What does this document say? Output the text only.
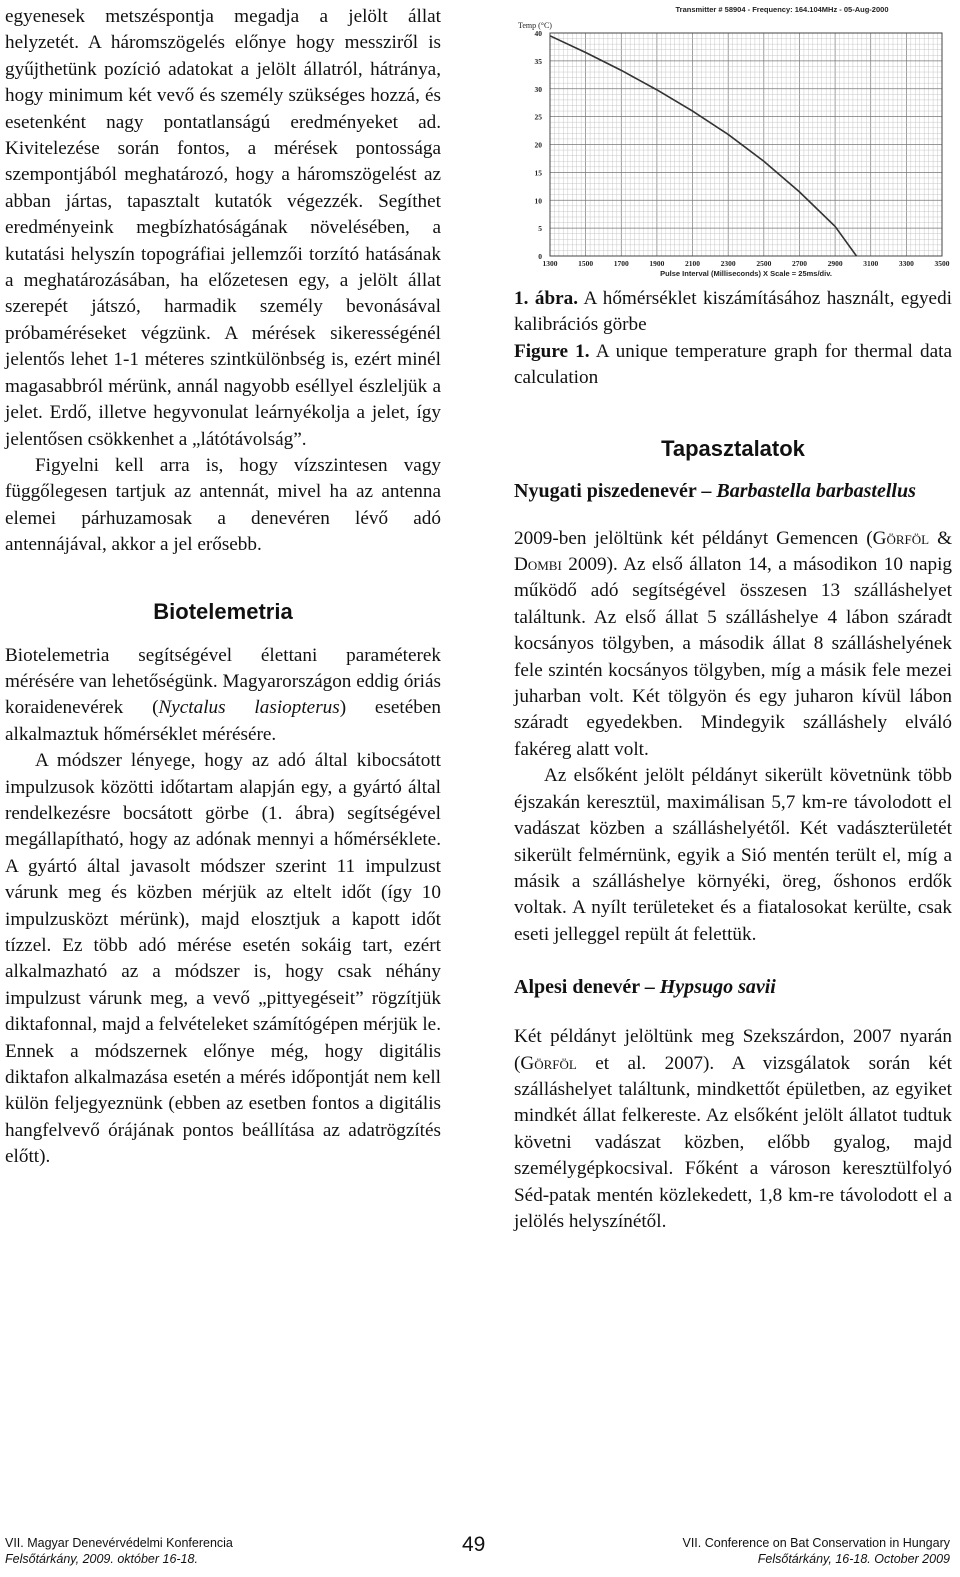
egyenesek metszéspontja megadja a jelölt állat helyzetét. A háromszögelés előnye hogy messziről is gyűjthetünk pozíció adatokat a jelölt állatról, hátránya, hogy minimum két vevő és személy szükséges hozzá, és esetenként nagy pontatlanságú eredményeket ad. Kivitelezése során fontos, a mérések pontossága szempontjából meghatározó, hogy a háromszögelést az abban jártas, tapasztalt kutatók végezzék. Segíthet eredményeink megbízhatóságának növelésében, a kutatási helyszín topográfiai jellemzői torzító hatásának a meghatározásában, ha előzetesen egy, a jelölt állat szerepét játszó, harmadik személy bevonásával próbaméréseket végzünk. A mérések sikerességénél jelentős lehet 1-1 méteres szintkülönbség is, ezért minél magasabbról mérünk, annál nagyobb eséllyel észleljük a jelet. Erdő, illetve hegyvonulat leárnyékolja a jelet, így jelentősen csökkenhet a „látótávolság”.

Figyelni kell arra is, hogy vízszintesen vagy függőlegesen tartjuk az antennát, mivel ha az antenna elemei párhuzamosak a denevéren lévő adó antennájával, akkor a jel erősebb.

Biotelemetria

Biotelemetria segítségével élettani paraméterek mérésére van lehetőségünk. Magyarországon eddig óriás koraidenevérek (Nyctalus lasiopterus) esetében alkalmaztuk hőmérséklet mérésére.

A módszer lényege, hogy az adó által kibocsátott impulzusok közötti időtartam alapján egy, a gyártó által rendelkezésre bocsátott görbe (1. ábra) segítségével megállapítható, hogy az adónak mennyi a hőmérséklete. A gyártó által javasolt módszer szerint 11 impulzust várunk meg és közben mérjük az eltelt időt (így 10 impulzusközt mérünk), majd elosztjuk a kapott időt tízzel. Ez több adó mérése esetén sokáig tart, ezért alkalmazható az a módszer is, hogy csak néhány impulzust várunk meg, a vevő „pittyegéseit” rögzítjük diktafonnal, majd a felvételeket számítógépen mérjük le. Ennek a módszernek előnye még, hogy digitális diktafon alkalmazása esetén a mérés időpontját nem kell külön feljegyeznünk (ebben az esetben fontos a digitális hangfelvevő órájának pontos beállítása az adatrögzítés előtt).

Transmitter # 58904 - Frequency: 164.104MHz - 05-Aug-2000
Temp (°C)
0
5
10
15
20
25
30
35
40
1300	1500	1700	1900	2100	2300	2500	2700	2900	3100	3300	3500
Pulse Interval (Milliseconds) X Scale = 25ms/div.

1. ábra. A hőmérséklet kiszámításához használt, egyedi kalibrációs görbe

Figure 1. A unique temperature graph for thermal data calculation

Tapasztalatok
Nyugati piszedenevér – Barbastella barbastellus

2009-ben jelöltünk két példányt Gemencen (Görföl & Dombi 2009). Az első állaton 14, a másodikon 10 napig működő adó segítségével összesen 13 szálláshelyet találtunk. Az első állat 5 szálláshelye 4 lábon száradt kocsányos tölgyben, a második állat 8 szálláshelyének fele szintén kocsányos tölgyben, míg a másik fele mezei juharban volt. Két tölgyön és egy juharon kívül lábon száradt egyedekben. Mindegyik szálláshely elváló fakéreg alatt volt.

Az elsőként jelölt példányt sikerült követnünk több éjszakán keresztül, maximálisan 5,7 km-re távolodott el vadászat közben a szálláshelyétől. Két vadászterületét sikerült felmérnünk, egyik a Sió mentén terült el, míg a másik a szálláshelye környéki, öreg, őshonos erdők voltak. A nyílt területeket és a fiatalosokat kerülte, csak eseti jelleggel repült át felettük.

Alpesi denevér – Hypsugo savii

Két példányt jelöltünk meg Szekszárdon, 2007 nyarán (Görföl et al. 2007). A vizsgálatok során két szálláshelyet találtunk, mindkettőt épületben, az egyiket mindkét állat felkereste. Az elsőként jelölt állatot tudtuk követni vadászat közben, előbb gyalog, majd személygépkocsival. Főként a városon keresztülfolyó Séd-patak mentén közlekedett, 1,8 km-re távolodott el a jelölés helyszínétől.

VII. Magyar Denevérvédelmi Konferencia
Felsőtárkány, 2009. október 16-18.
49	VII. Conference on Bat Conservation in Hungary
Felsőtárkány, 16-18. October 2009
